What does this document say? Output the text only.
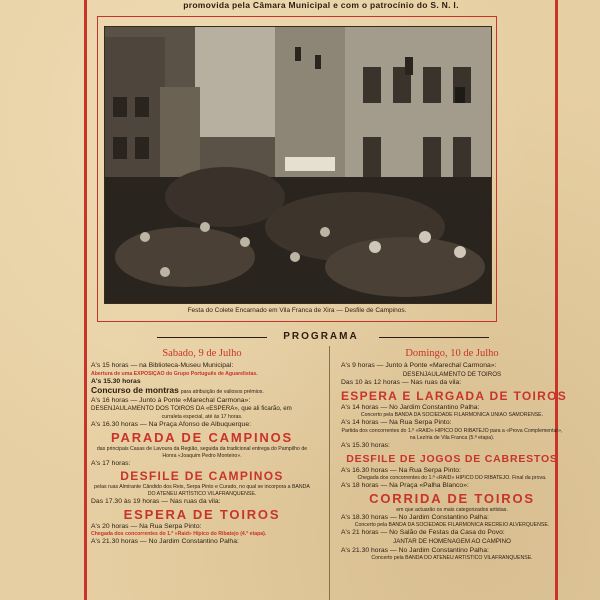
promovida pela Câmara Municipal e com o patrocínio do S. N. I.
Festa do Colete Encarnado em Vila Franca de Xira — Desfile de Campinos.
PROGRAMA
Sabado, 9 de Julho
A's 15 horas — na Biblioteca-Museu Municipal:
Abertura de uma EXPOSIÇÃO do Grupo Português de Aguarelistas.
A's 15.30 horas
Concurso de montras para atribuição de valiosos prémios.
A's 16 horas — Junto à Ponte «Marechal Carmona»:
DESENJAULAMENTO DOS TOIROS DA «ESPERA», que ali ficarão, em
curraleta especial, até às 17 horas.
A's 16.30 horas — Na Praça Afonso de Albuquerque:
PARADA DE CAMPINOS
das principais Casas de Lavoura da Região, seguida da tradicional entrega do Pampilho de Honra «Joaquim Pedro Monteiro».
A's 17 horas:
DESFILE DE CAMPINOS
pelas ruas Almirante Cândido dos Reis, Serpa Pinto e Curado, no qual se incorpora a BANDA DO ATENEU ARTÍSTICO VILAFRANQUENSE.
Das 17.30 às 19 horas — Nas ruas da vila:
ESPERA DE TOIROS
A's 20 horas — Na Rua Serpa Pinto:
Chegada dos concorrentes do 1.º «Raid» Hípico do Ribatejo (4.ª etapa).
A's 21.30 horas — No Jardim Constantino Palha:
Domingo, 10 de Julho
A's 9 horas — Junto à Ponte «Marechal Carmona»:
DESENJAULAMENTO DE TOIROS
Das 10 às 12 horas — Nas ruas da vila:
ESPERA E LARGADA DE TOIROS
A's 14 horas — No Jardim Constantino Palha:
Concerto pela BANDA DA SOCIEDADE FILARMÓNICA UNIÃO SAMORENSE.
A's 14 horas — Na Rua Serpa Pinto:
Partida dos concorrentes do 1.º «RAID» HÍPICO DO RIBATEJO para a «Prova Complementar», na Lezíria de Vila Franca (5.ª etapa).
A's 15.30 horas:
DESFILE DE JOGOS DE CABRESTOS
A's 16.30 horas — Na Rua Serpa Pinto:
Chegada dos concorrentes do 1.º «RAID» HÍPICO DO RIBATEJO. Final da prova.
A's 18 horas — Na Praça «Palha Blanco»:
CORRIDA DE TOIROS
em que actuarão os mais categorizados artistas.
A's 18.30 horas — No Jardim Constantino Palha:
Concerto pela BANDA DA SOCIEDADE FILARMÓNICA RECREIO ALVERQUENSE.
A's 21 horas — No Salão de Festas da Casa do Povo:
JANTAR DE HOMENAGEM AO CAMPINO
A's 21.30 horas — No Jardim Constantino Palha:
Concerto pela BANDA DO ATENEU ARTÍSTICO VILAFRANQUENSE.
